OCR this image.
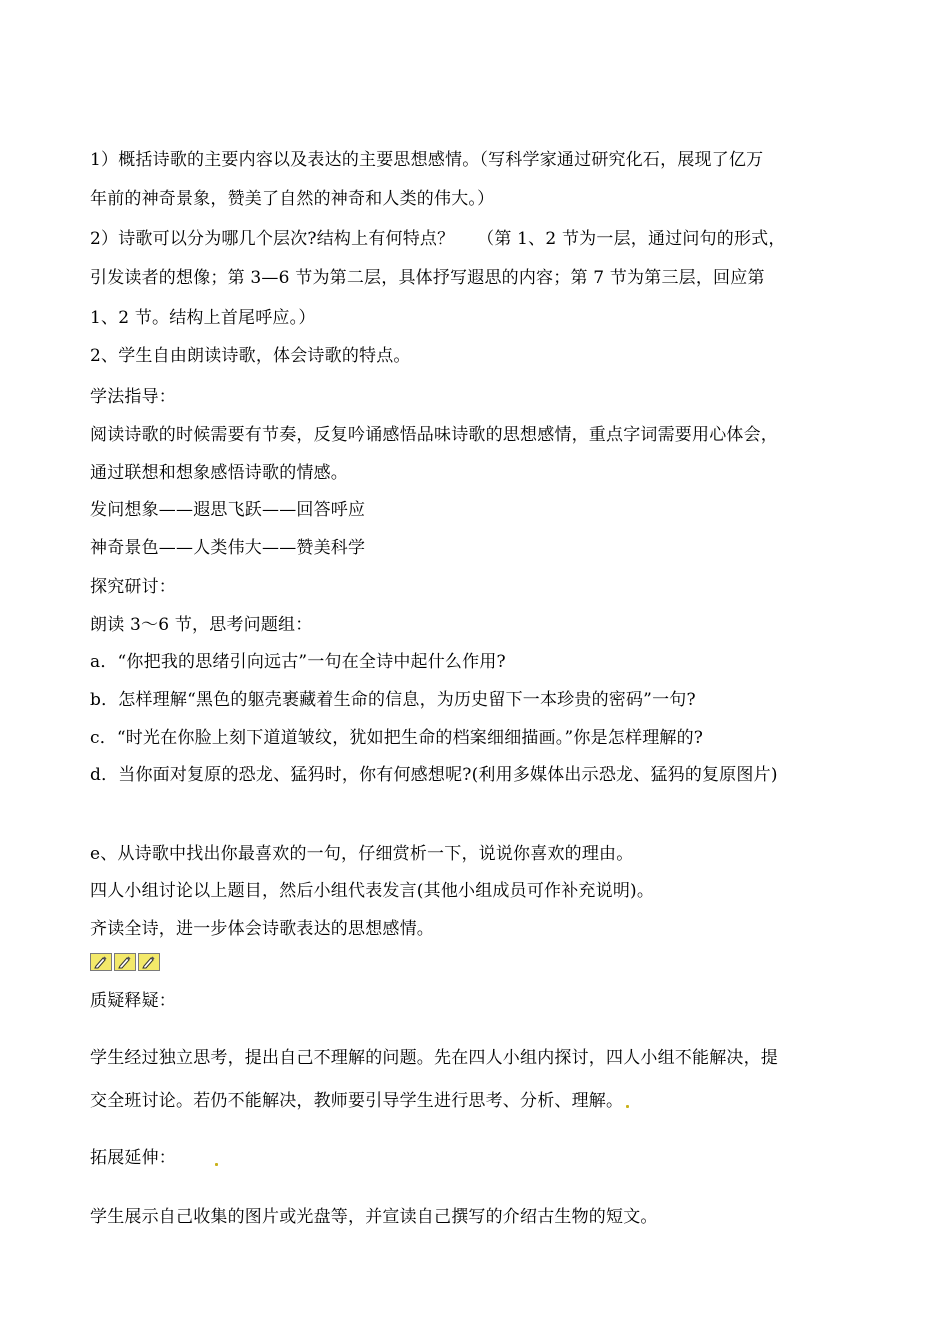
1）概括诗歌的主要内容以及表达的主要思想感情。（写科学家通过研究化石，展现了亿万
年前的神奇景象，赞美了自然的神奇和人类的伟大。）
2）诗歌可以分为哪几个层次?结构上有何特点？　 （第 1、2 节为一层，通过问句的形式，
引发读者的想像；第 3—6 节为第二层，具体抒写遐思的内容；第 7 节为第三层，回应第
1、2 节。结构上首尾呼应。）
2、学生自由朗读诗歌，体会诗歌的特点。
学法指导：
阅读诗歌的时候需要有节奏，反复吟诵感悟品味诗歌的思想感情，重点字词需要用心体会，
通过联想和想象感悟诗歌的情感。
发问想象——遐思飞跃——回答呼应
神奇景色——人类伟大——赞美科学
探究研讨：
朗读 3～6 节，思考问题组：
a．“你把我的思绪引向远古”一句在全诗中起什么作用?
b．怎样理解“黑色的躯壳裹藏着生命的信息，为历史留下一本珍贵的密码”一句?
c．“时光在你脸上刻下道道皱纹，犹如把生命的档案细细描画。”你是怎样理解的?
d．当你面对复原的恐龙、猛犸时，你有何感想呢?(利用多媒体出示恐龙、猛犸的复原图片)
e、从诗歌中找出你最喜欢的一句，仔细赏析一下，说说你喜欢的理由。
四人小组讨论以上题目，然后小组代表发言(其他小组成员可作补充说明)。
齐读全诗，进一步体会诗歌表达的思想感情。
质疑释疑：
学生经过独立思考，提出自己不理解的问题。先在四人小组内探讨，四人小组不能解决，提
交全班讨论。若仍不能解决，教师要引导学生进行思考、分析、理解。
拓展延伸：
学生展示自己收集的图片或光盘等，并宣读自己撰写的介绍古生物的短文。
